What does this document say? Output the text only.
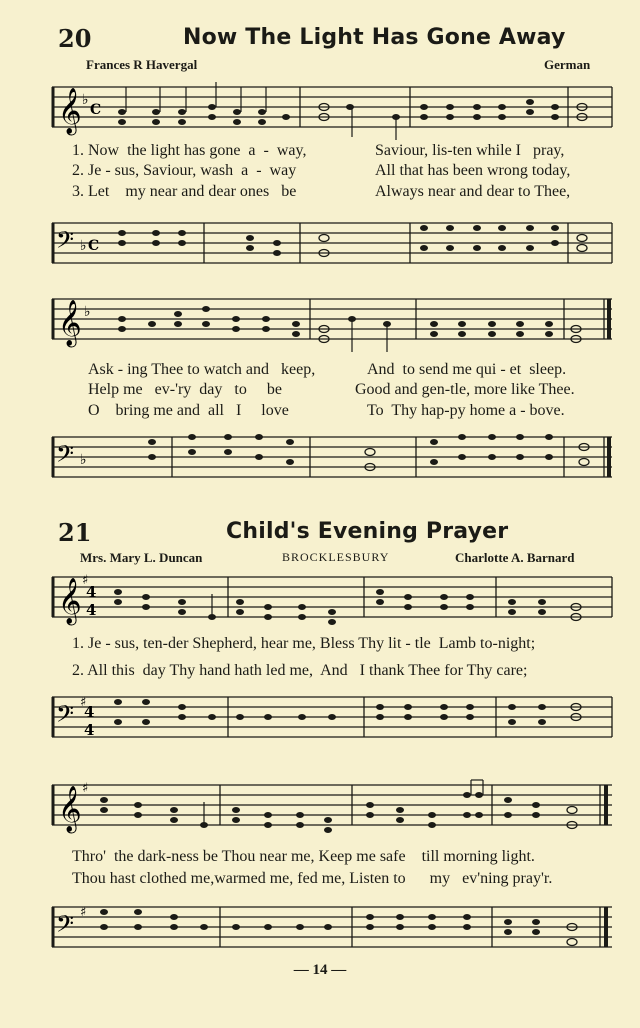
20	Now The Light Has Gone Away
Frances R Havergal	German
𝄞 ♭
C
1. Now  the light has gone  a  -  way,
2. Je - sus, Saviour, wash  a  -  way
3. Let    my near and dear ones   be
Saviour, lis-ten while I   pray,
All that has been wrong today,
Always near and dear to Thee,
𝄢 ♭ C
𝄞 ♭
Ask - ing Thee to watch and   keep,
Help me   ev-'ry  day   to     be
O    bring me and  all   I     love
And  to send me qui - et  sleep.
Good and gen-tle, more like Thee.
To  Thy hap-py home a - bove.
𝄢 ♭
21	Child's Evening Prayer
Mrs. Mary L. Duncan	BROCKLESBURY	Charlotte A. Barnard
𝄞 ♯
4
4
1. Je - sus, ten-der Shepherd, hear me, Bless Thy lit - tle  Lamb to-night;
2. All this  day Thy hand hath led me,  And   I thank Thee for Thy care;
𝄢 ♯
4
4
𝄞 ♯
Thro'  the dark-ness be Thou near me, Keep me safe    till morning light.
Thou hast clothed me,warmed me, fed me, Listen to      my   ev'ning pray'r.
𝄢 ♯
— 14 —
